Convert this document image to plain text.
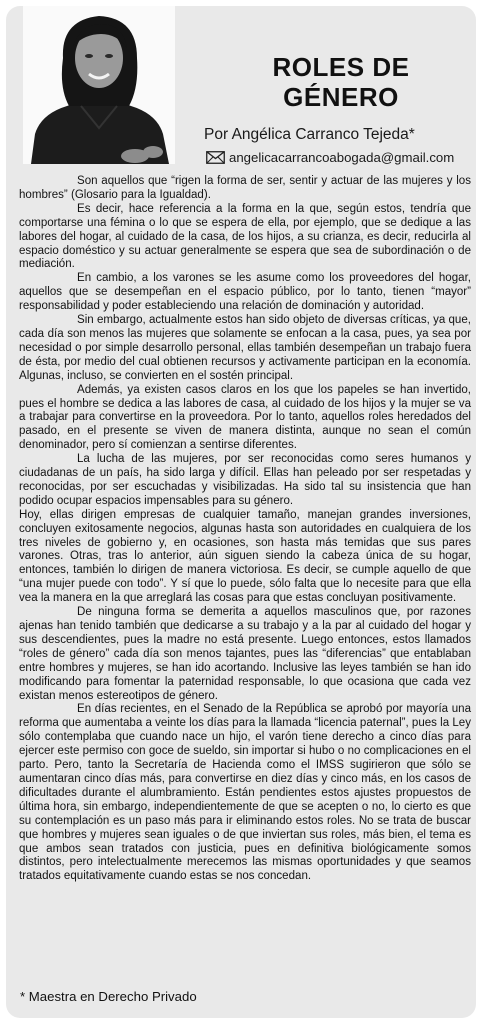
ROLES DE
GÉNERO
Por Angélica Carranco Tejeda*
angelicacarrancoabogada@gmail.com

Son aquellos que “rigen la forma de ser, sentir y actuar de las mujeres y los hombres” (Glosario para la Igualdad).

Es decir, hace referencia a la forma en la que, según estos, tendría que comportarse una fémina o lo que se espera de ella, por ejemplo, que se dedique a las labores del hogar, al cuidado de la casa, de los hijos, a su crianza, es decir, reducirla al espacio doméstico y su actuar generalmente se espera que sea de subordinación o de mediación.

En cambio, a los varones se les asume como los proveedores del hogar, aquellos que se desempeñan en el espacio público, por lo tanto, tienen “mayor” responsabilidad y poder estableciendo una relación de dominación y autoridad.

Sin embargo, actualmente estos han sido objeto de diversas críticas, ya que, cada día son menos las mujeres que solamente se enfocan a la casa, pues, ya sea por necesidad o por simple desarrollo personal, ellas también desempeñan un trabajo fuera de ésta, por medio del cual obtienen recursos y activamente participan en la economía. Algunas, incluso, se convierten en el sostén principal.

Además, ya existen casos claros en los que los papeles se han invertido, pues el hombre se dedica a las labores de casa, al cuidado de los hijos y la mujer se va a trabajar para convertirse en la proveedora. Por lo tanto, aquellos roles heredados del pasado, en el presente se viven de manera distinta, aunque no sean el común denominador, pero sí comienzan a sentirse diferentes.

La lucha de las mujeres, por ser reconocidas como seres humanos y ciudadanas de un país, ha sido larga y difícil. Ellas han peleado por ser respetadas y reconocidas, por ser escuchadas y visibilizadas. Ha sido tal su insistencia que han podido ocupar espacios impensables para su género.

Hoy, ellas dirigen empresas de cualquier tamaño, manejan grandes inversiones, concluyen exitosamente negocios, algunas hasta son autoridades en cualquiera de los tres niveles de gobierno y, en ocasiones, son hasta más temidas que sus pares varones. Otras, tras lo anterior, aún siguen siendo la cabeza única de su hogar, entonces, también lo dirigen de manera victoriosa. Es decir, se cumple aquello de que “una mujer puede con todo”. Y sí que lo puede, sólo falta que lo necesite para que ella vea la manera en la que arreglará las cosas para que estas concluyan positivamente.

De ninguna forma se demerita a aquellos masculinos que, por razones ajenas han tenido también que dedicarse a su trabajo y a la par al cuidado del hogar y sus descendientes, pues la madre no está presente. Luego entonces, estos llamados “roles de género” cada día son menos tajantes, pues las “diferencias” que entablaban entre hombres y mujeres, se han ido acortando. Inclusive las leyes también se han ido modificando para fomentar la paternidad responsable, lo que ocasiona que cada vez existan menos estereotipos de género.

En días recientes, en el Senado de la República se aprobó por mayoría una reforma que aumentaba a veinte los días para la llamada “licencia paternal”, pues la Ley sólo contemplaba que cuando nace un hijo, el varón tiene derecho a cinco días para ejercer este permiso con goce de sueldo, sin importar si hubo o no complicaciones en el parto. Pero, tanto la Secretaría de Hacienda como el IMSS sugirieron que sólo se aumentaran cinco días más, para convertirse en diez días y cinco más, en los casos de dificultades durante el alumbramiento. Están pendientes estos ajustes propuestos de última hora, sin embargo, independientemente de que se acepten o no, lo cierto es que su contemplación es un paso más para ir eliminando estos roles. No se trata de buscar que hombres y mujeres sean iguales o de que inviertan sus roles, más bien, el tema es que ambos sean tratados con justicia, pues en definitiva biológicamente somos distintos, pero intelectualmente merecemos las mismas oportunidades y que seamos tratados equitativamente cuando estas se nos concedan.

* Maestra en Derecho Privado
